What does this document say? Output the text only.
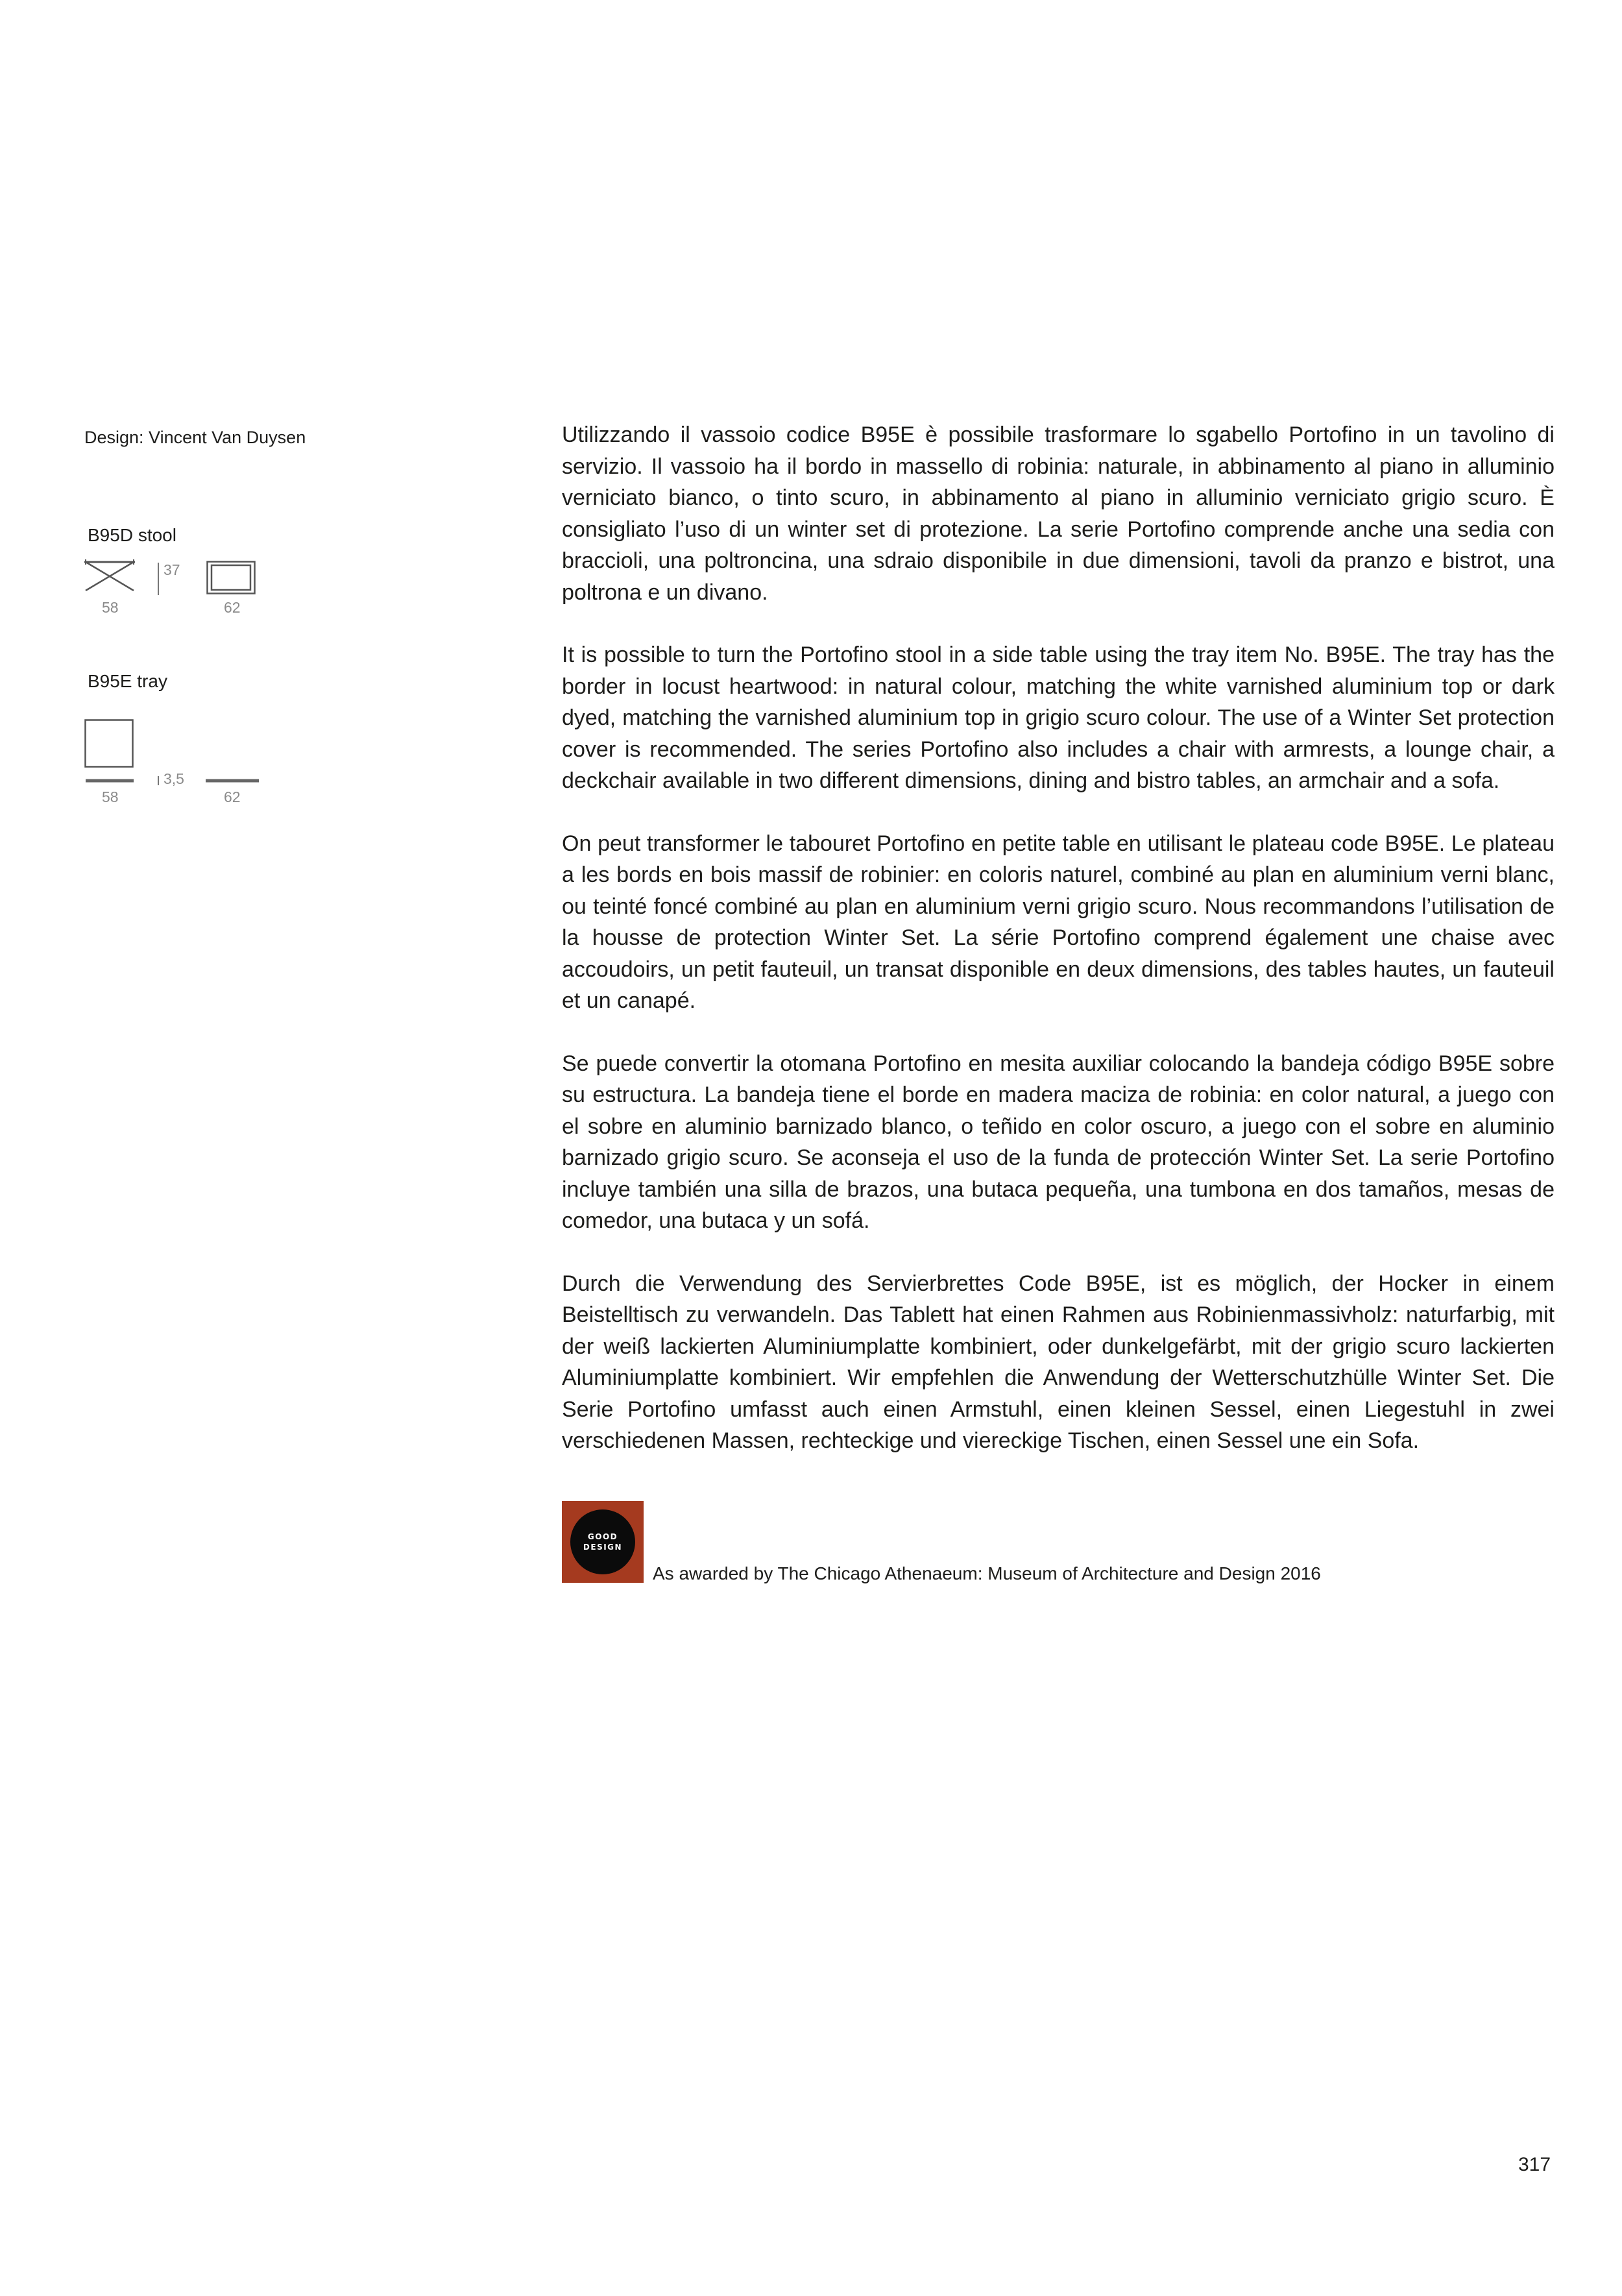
Design: Vincent Van Duysen
B95D stool
37
58	62
B95E tray
3,5
58	62

Utilizzando il vassoio codice B95E è possibile trasformare lo sgabello Portofino in un tavolino di servizio. Il vassoio ha il bordo in massello di robinia: naturale, in abbinamento al piano in alluminio verniciato bianco, o tinto scuro, in abbinamento al piano in alluminio verniciato grigio scuro. È consigliato l’uso di un winter set di protezione. La serie Portofino comprende anche una sedia con braccioli, una poltroncina, una sdraio disponibile in due dimensioni, tavoli da pranzo e bistrot, una poltrona e un divano.

It is possible to turn the Portofino stool in a side table using the tray item No. B95E. The tray has the border in locust heartwood: in natural colour, matching the white varnished aluminium top or dark dyed, matching the varnished aluminium top in grigio scuro colour. The use of a Winter Set protection cover is recommended. The series Portofino also includes a chair with armrests, a lounge chair, a deckchair available in two different dimensions, dining and bistro tables, an armchair and a sofa.

On peut transformer le tabouret Portofino en petite table en utilisant le plateau code B95E. Le plateau a les bords en bois massif de robinier: en coloris naturel, combiné au plan en aluminium verni blanc, ou teinté foncé combiné au plan en aluminium verni grigio scuro. Nous recommandons l’utilisation de la housse de protection Winter Set. La série Portofino comprend également une chaise avec accoudoirs, un petit fauteuil, un transat disponible en deux dimensions, des tables hautes, un fauteuil et un canapé.

Se puede convertir la otomana Portofino en mesita auxiliar colocando la bandeja código B95E sobre su estructura. La bandeja tiene el borde en madera maciza de robinia: en color natural, a juego con el sobre en aluminio barnizado blanco, o teñido en color oscuro, a juego con el sobre en aluminio barnizado grigio scuro. Se aconseja el uso de la funda de protección Winter Set. La serie Portofino incluye también una silla de brazos, una butaca pequeña, una tumbona en dos tamaños, mesas de comedor, una butaca y un sofá.

Durch die Verwendung des Servierbrettes Code B95E, ist es möglich, der Hocker in einem Beistelltisch zu verwandeln. Das Tablett hat einen Rahmen aus Robinienmassivholz: naturfarbig, mit der weiß lackierten Aluminiumplatte kombiniert, oder dunkelgefärbt, mit der grigio scuro lackierten Aluminiumplatte kombiniert. Wir empfehlen die Anwendung der Wetterschutzhülle Winter Set. Die Serie Portofino umfasst auch einen Armstuhl, einen kleinen Sessel, einen Liegestuhl in zwei verschiedenen Massen, rechteckige und viereckige Tischen, einen Sessel une ein Sofa.

GOOD
DESIGN
As awarded by The Chicago Athenaeum: Museum of Architecture and Design 2016
317
